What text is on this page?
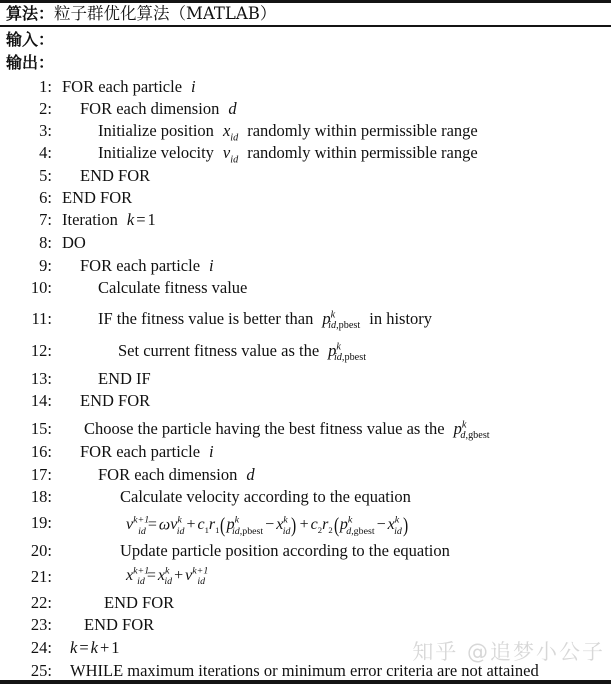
算法：粒子群优化算法（MATLAB）
输入：
输出：
1: FOR each particle i
2: FOR each dimension d
3:	Initialize position $x_{id}$ randomly within permissible range
4:	Initialize velocity $v_{id}$ randomly within permissible range
5: END FOR
6: END FOR
7: Iteration k = 1
8: DO
9: FOR each particle i
10:	Calculate fitness value
11:	IF the fitness value is better than $p^k_{id,pbest}$ in history
12:	Set current fitness value as the $p^k_{id,pbest}$
13:	END IF
14: END FOR
15: Choose the particle having the best fitness value as the $p^k_{d,gbest}$
16: FOR each particle i
17:	FOR each dimension d
18:	Calculate velocity according to the equation
19:	$v^{k+1}_{id} = \omega v^k_{id} + c_1r_1(p^k_{id,pbest} - x^k_{id}) + c_2r_2(p^k_{d,gbest} - x^k_{id})$
20:	Update particle position according to the equation
21:	$x^{k+1}_{id} = x^k_{id} + v^{k+1}_{id}$
22:	END FOR
23: END FOR
24: k = k + 1
25: WHILE maximum iterations or minimum error criteria are not attained
知乎 @追梦小公子
